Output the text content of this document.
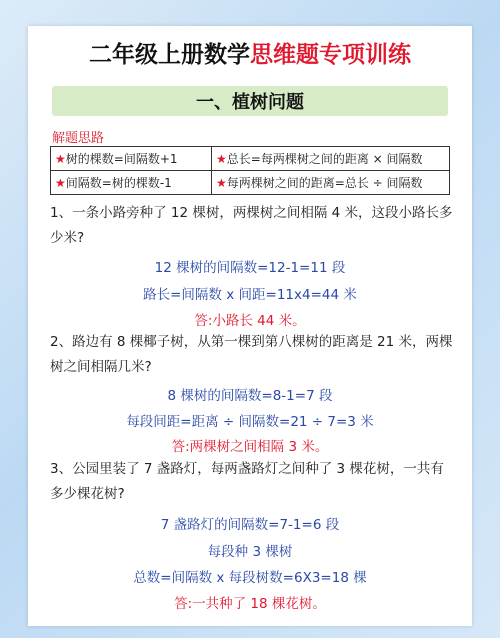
二年级上册数学思维题专项训练
一、植树问题
解题思路
★树的棵数=间隔数+1	★总长=每两棵树之间的距离 × 间隔数
★间隔数=树的棵数-1	★每两棵树之间的距离=总长 ÷ 间隔数
1、一条小路旁种了 12 棵树，两棵树之间相隔 4 米，这段小路长多少米?
12 棵树的间隔数=12-1=11 段
路长=间隔数 x 间距=11x4=44 米
答:小路长 44 米。
2、路边有 8 棵椰子树，从第一棵到第八棵树的距离是 21 米，两棵树之间相隔几米?
8 棵树的间隔数=8-1=7 段
每段间距=距离 ÷ 间隔数=21 ÷ 7=3 米
答:两棵树之间相隔 3 米。
3、公园里装了 7 盏路灯，每两盏路灯之间种了 3 棵花树，一共有多少棵花树?
7 盏路灯的间隔数=7-1=6 段
每段种 3 棵树
总数=间隔数 x 每段树数=6X3=18 棵
答:一共种了 18 棵花树。
